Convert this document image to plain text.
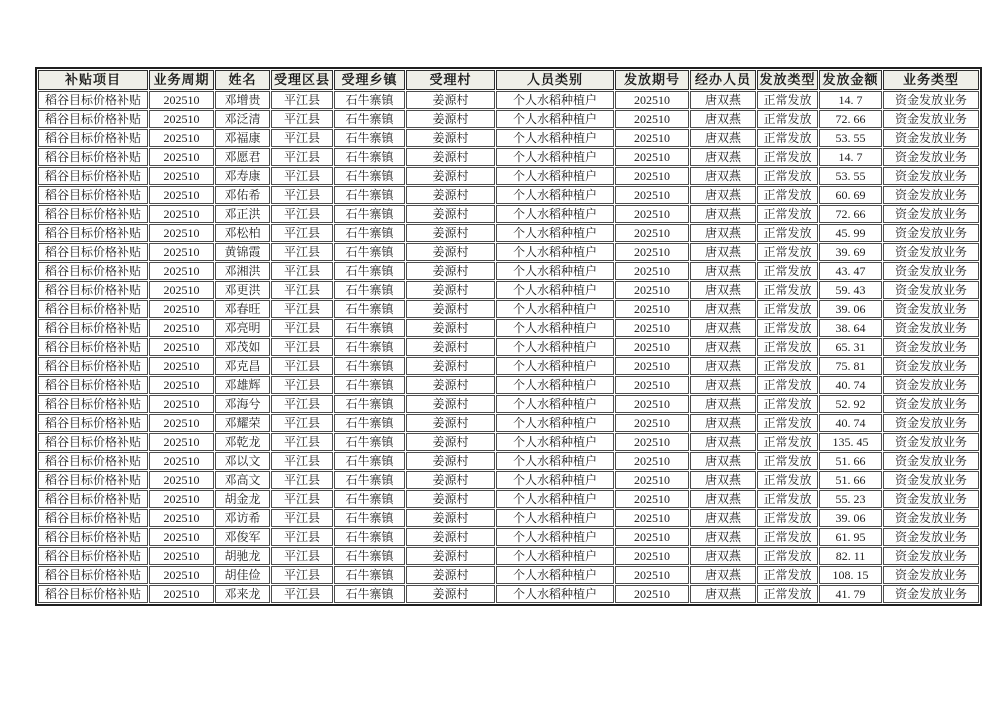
补贴项目	业务周期	姓名	受理区县	受理乡镇	受理村	人员类别	发放期号	经办人员	发放类型	发放金额	业务类型
稻谷目标价格补贴	202510	邓增贵	平江县	石牛寨镇	姜源村	个人水稻种植户	202510	唐双燕	正常发放	14. 7	资金发放业务
稻谷目标价格补贴	202510	邓泛清	平江县	石牛寨镇	姜源村	个人水稻种植户	202510	唐双燕	正常发放	72. 66	资金发放业务
稻谷目标价格补贴	202510	邓福康	平江县	石牛寨镇	姜源村	个人水稻种植户	202510	唐双燕	正常发放	53. 55	资金发放业务
稻谷目标价格补贴	202510	邓愿君	平江县	石牛寨镇	姜源村	个人水稻种植户	202510	唐双燕	正常发放	14. 7	资金发放业务
稻谷目标价格补贴	202510	邓寿康	平江县	石牛寨镇	姜源村	个人水稻种植户	202510	唐双燕	正常发放	53. 55	资金发放业务
稻谷目标价格补贴	202510	邓佑希	平江县	石牛寨镇	姜源村	个人水稻种植户	202510	唐双燕	正常发放	60. 69	资金发放业务
稻谷目标价格补贴	202510	邓正洪	平江县	石牛寨镇	姜源村	个人水稻种植户	202510	唐双燕	正常发放	72. 66	资金发放业务
稻谷目标价格补贴	202510	邓松柏	平江县	石牛寨镇	姜源村	个人水稻种植户	202510	唐双燕	正常发放	45. 99	资金发放业务
稻谷目标价格补贴	202510	黄锦霞	平江县	石牛寨镇	姜源村	个人水稻种植户	202510	唐双燕	正常发放	39. 69	资金发放业务
稻谷目标价格补贴	202510	邓湘洪	平江县	石牛寨镇	姜源村	个人水稻种植户	202510	唐双燕	正常发放	43. 47	资金发放业务
稻谷目标价格补贴	202510	邓更洪	平江县	石牛寨镇	姜源村	个人水稻种植户	202510	唐双燕	正常发放	59. 43	资金发放业务
稻谷目标价格补贴	202510	邓春旺	平江县	石牛寨镇	姜源村	个人水稻种植户	202510	唐双燕	正常发放	39. 06	资金发放业务
稻谷目标价格补贴	202510	邓亮明	平江县	石牛寨镇	姜源村	个人水稻种植户	202510	唐双燕	正常发放	38. 64	资金发放业务
稻谷目标价格补贴	202510	邓茂如	平江县	石牛寨镇	姜源村	个人水稻种植户	202510	唐双燕	正常发放	65. 31	资金发放业务
稻谷目标价格补贴	202510	邓克昌	平江县	石牛寨镇	姜源村	个人水稻种植户	202510	唐双燕	正常发放	75. 81	资金发放业务
稻谷目标价格补贴	202510	邓雄辉	平江县	石牛寨镇	姜源村	个人水稻种植户	202510	唐双燕	正常发放	40. 74	资金发放业务
稻谷目标价格补贴	202510	邓海兮	平江县	石牛寨镇	姜源村	个人水稻种植户	202510	唐双燕	正常发放	52. 92	资金发放业务
稻谷目标价格补贴	202510	邓耀荣	平江县	石牛寨镇	姜源村	个人水稻种植户	202510	唐双燕	正常发放	40. 74	资金发放业务
稻谷目标价格补贴	202510	邓乾龙	平江县	石牛寨镇	姜源村	个人水稻种植户	202510	唐双燕	正常发放	135. 45	资金发放业务
稻谷目标价格补贴	202510	邓以文	平江县	石牛寨镇	姜源村	个人水稻种植户	202510	唐双燕	正常发放	51. 66	资金发放业务
稻谷目标价格补贴	202510	邓高文	平江县	石牛寨镇	姜源村	个人水稻种植户	202510	唐双燕	正常发放	51. 66	资金发放业务
稻谷目标价格补贴	202510	胡金龙	平江县	石牛寨镇	姜源村	个人水稻种植户	202510	唐双燕	正常发放	55. 23	资金发放业务
稻谷目标价格补贴	202510	邓访希	平江县	石牛寨镇	姜源村	个人水稻种植户	202510	唐双燕	正常发放	39. 06	资金发放业务
稻谷目标价格补贴	202510	邓俊军	平江县	石牛寨镇	姜源村	个人水稻种植户	202510	唐双燕	正常发放	61. 95	资金发放业务
稻谷目标价格补贴	202510	胡驰龙	平江县	石牛寨镇	姜源村	个人水稻种植户	202510	唐双燕	正常发放	82. 11	资金发放业务
稻谷目标价格补贴	202510	胡佳俭	平江县	石牛寨镇	姜源村	个人水稻种植户	202510	唐双燕	正常发放	108. 15	资金发放业务
稻谷目标价格补贴	202510	邓来龙	平江县	石牛寨镇	姜源村	个人水稻种植户	202510	唐双燕	正常发放	41. 79	资金发放业务
